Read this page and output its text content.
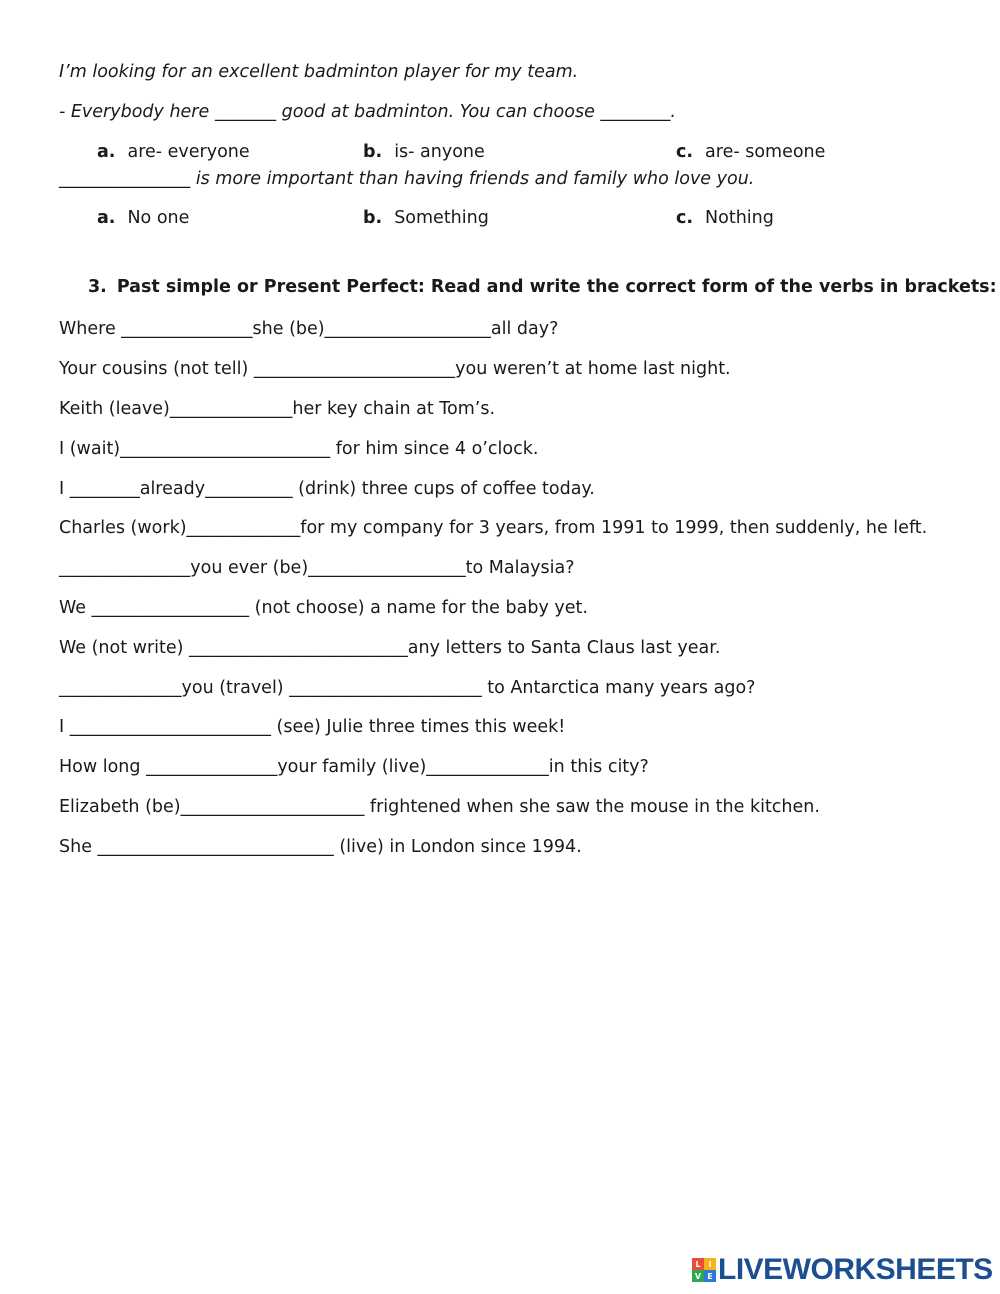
I’m looking for an excellent badminton player for my team.
- Everybody here _______ good at badminton. You can choose ________.
a. are- everyone	b. is- anyone	c. are- someone
_______________ is more important than having friends and family who love you.
a. No one	b. Something	c. Nothing
3. Past simple or Present Perfect: Read and write the correct form of the verbs in brackets:
Where _______________she (be)___________________all day?
Your cousins (not tell) _______________________you weren’t at home last night.
Keith (leave)______________her key chain at Tom’s.
I (wait)________________________ for him since 4 o’clock.
I ________already__________ (drink) three cups of coffee today.
Charles (work)_____________for my company for 3 years, from 1991 to 1999, then suddenly, he left.
_______________you ever (be)__________________to Malaysia?
We __________________ (not choose) a name for the baby yet.
We (not write) _________________________any letters to Santa Claus last year.
______________you (travel) ______________________ to Antarctica many years ago?
I _______________________ (see) Julie three times this week!
How long _______________your family (live)______________in this city?
Elizabeth (be)_____________________ frightened when she saw the mouse in the kitchen.
She ___________________________ (live) in London since 1994.
L I
V E LIVEWORKSHEETS
